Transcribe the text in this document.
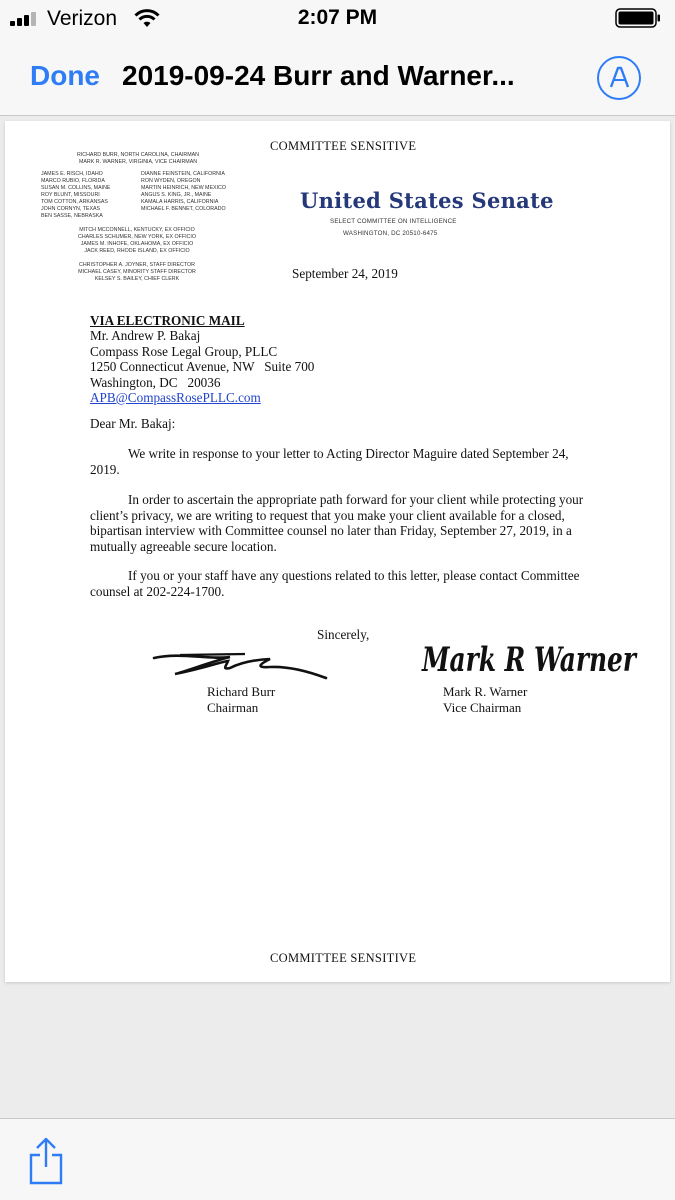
Verizon	2:07 PM
Done 2019-09-24 Burr and Warner...
COMMITTEE SENSITIVE
RICHARD BURR, NORTH CAROLINA, CHAIRMAN
MARK R. WARNER, VIRGINIA, VICE CHAIRMAN
JAMES E. RISCH, IDAHO
MARCO RUBIO, FLORIDA
SUSAN M. COLLINS, MAINE
ROY BLUNT, MISSOURI
TOM COTTON, ARKANSAS
JOHN CORNYN, TEXAS
BEN SASSE, NEBRASKA
DIANNE FEINSTEIN, CALIFORNIA
RON WYDEN, OREGON
MARTIN HEINRICH, NEW MEXICO
ANGUS S. KING, JR., MAINE
KAMALA HARRIS, CALIFORNIA
MICHAEL F. BENNET, COLORADO
MITCH MCCONNELL, KENTUCKY, EX OFFICIO
CHARLES SCHUMER, NEW YORK, EX OFFICIO
JAMES M. INHOFE, OKLAHOMA, EX OFFICIO
JACK REED, RHODE ISLAND, EX OFFICIO
CHRISTOPHER A. JOYNER, STAFF DIRECTOR
MICHAEL CASEY, MINORITY STAFF DIRECTOR
KELSEY S. BAILEY, CHIEF CLERK
United States Senate
SELECT COMMITTEE ON INTELLIGENCE
WASHINGTON, DC 20510-6475
September 24, 2019
VIA ELECTRONIC MAIL
Mr. Andrew P. Bakaj
Compass Rose Legal Group, PLLC
1250 Connecticut Avenue, NW   Suite 700
Washington, DC   20036
APB@CompassRosePLLC.com
Dear Mr. Bakaj:
We write in response to your letter to Acting Director Maguire dated September 24,
2019.
In order to ascertain the appropriate path forward for your client while protecting your
client’s privacy, we are writing to request that you make your client available for a closed,
bipartisan interview with Committee counsel no later than Friday, September 27, 2019, in a
mutually agreeable secure location.
If you or your staff have any questions related to this letter, please contact Committee
counsel at 202-224-1700.
Sincerely,
Mark R Warner
Richard Burr
Chairman
Mark R. Warner
Vice Chairman
COMMITTEE SENSITIVE
